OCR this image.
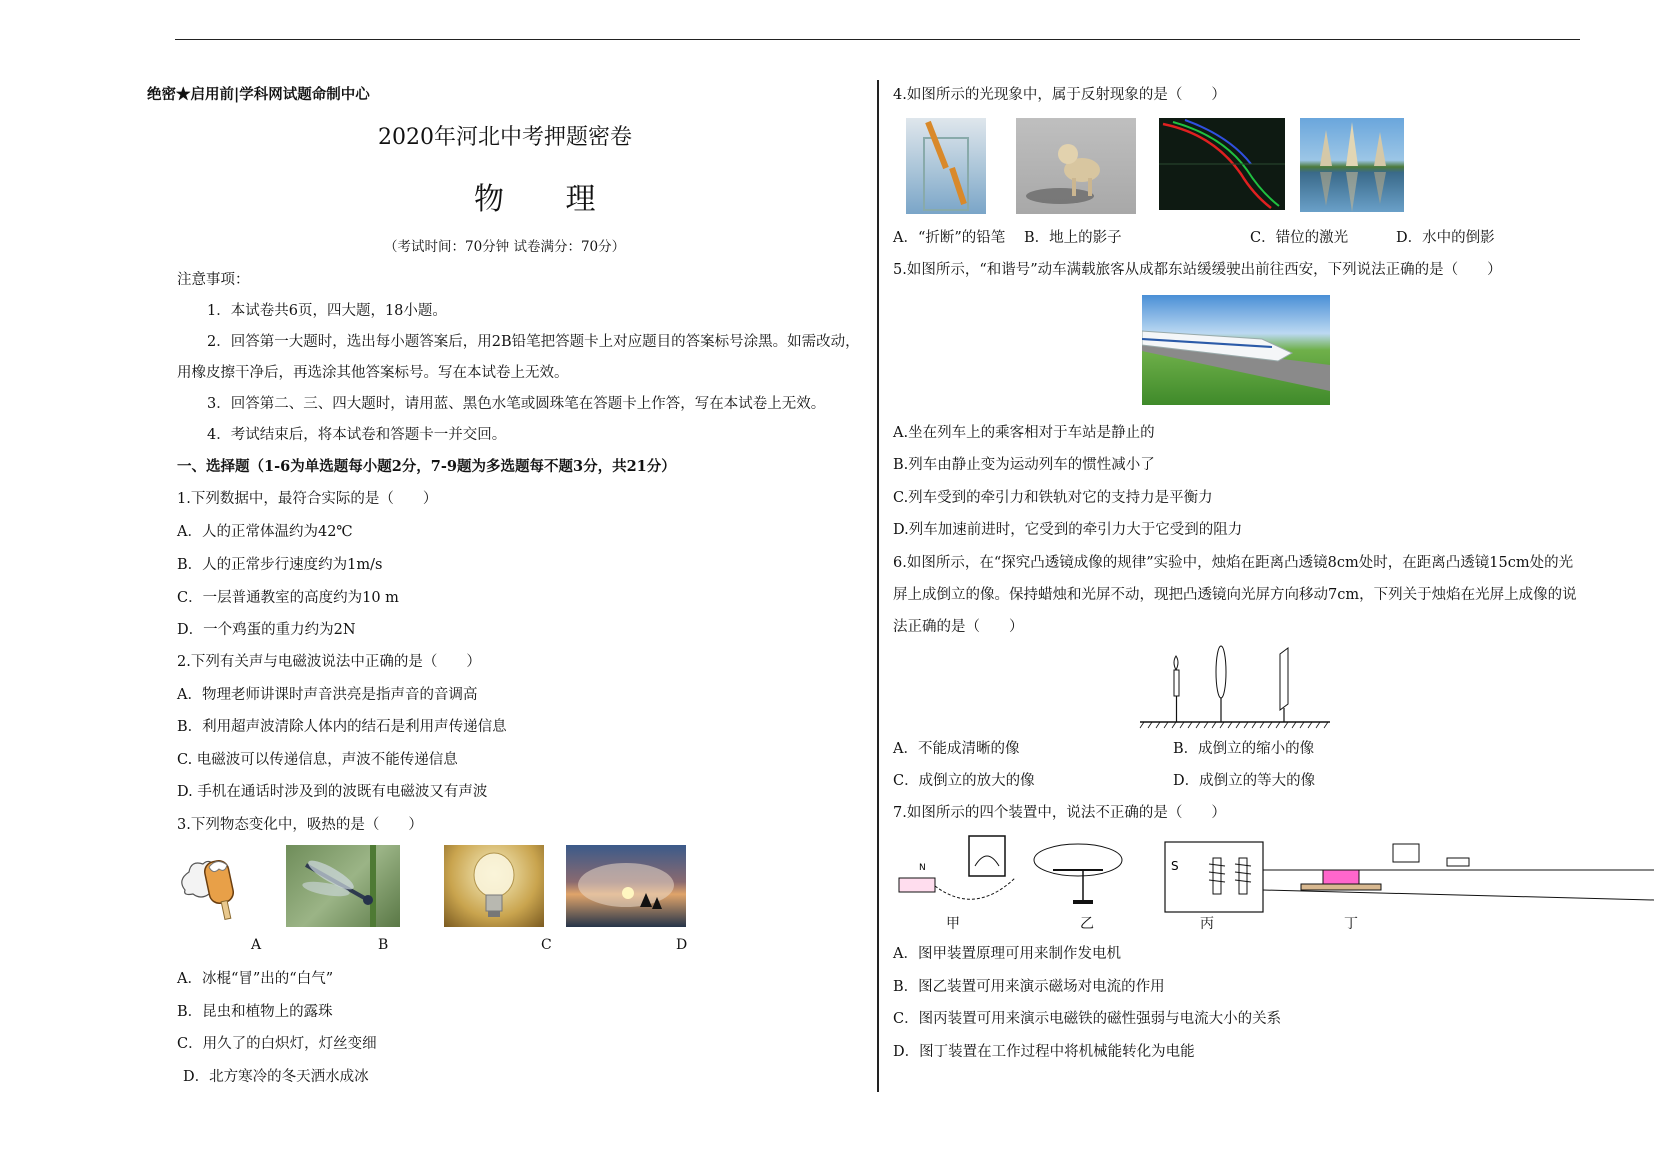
绝密★启用前|学科网试题命制中心
2020年河北中考押题密卷
物 理
（考试时间：70分钟 试卷满分：70分）
注意事项：
1．本试卷共6页，四大题，18小题。
2．回答第一大题时，选出每小题答案后，用2B铅笔把答题卡上对应题目的答案标号涂黑。如需改动，
用橡皮擦干净后，再选涂其他答案标号。写在本试卷上无效。
3．回答第二、三、四大题时，请用蓝、黑色水笔或圆珠笔在答题卡上作答，写在本试卷上无效。
4．考试结束后，将本试卷和答题卡一并交回。
一、选择题（1-6为单选题每小题2分，7-9题为多选题每不题3分，共21分）
1.下列数据中，最符合实际的是（　　）
A．人的正常体温约为42℃
B．人的正常步行速度约为1m/s
C．一层普通教室的高度约为10 m
D．一个鸡蛋的重力约为2N
2.下列有关声与电磁波说法中正确的是（　　）
A．物理老师讲课时声音洪亮是指声音的音调高
B．利用超声波清除人体内的结石是利用声传递信息
C. 电磁波可以传递信息，声波不能传递信息
D. 手机在通话时涉及到的波既有电磁波又有声波
3.下列物态变化中，吸热的是（　　）
A	B	C	D
A．冰棍“冒”出的“白气”
B．昆虫和植物上的露珠
C．用久了的白炽灯，灯丝变细
D．北方寒冷的冬天洒水成冰
4.如图所示的光现象中，属于反射现象的是（　　）
A．“折断”的铅笔 B．地上的影子	C．错位的激光	D．水中的倒影
5.如图所示，“和谐号”动车满载旅客从成都东站缓缓驶出前往西安，下列说法正确的是（　　）
A.坐在列车上的乘客相对于车站是静止的
B.列车由静止变为运动列车的惯性减小了
C.列车受到的牵引力和铁轨对它的支持力是平衡力
D.列车加速前进时，它受到的牵引力大于它受到的阻力
6.如图所示，在“探究凸透镜成像的规律”实验中，烛焰在距离凸透镜8cm处时，在距离凸透镜15cm处的光
屏上成倒立的像。保持蜡烛和光屏不动，现把凸透镜向光屏方向移动7cm，下列关于烛焰在光屏上成像的说
法正确的是（　　）
A．不能成清晰的像	B．成倒立的缩小的像
C．成倒立的放大的像	D．成倒立的等大的像
7.如图所示的四个装置中，说法不正确的是（　　）
N	S
甲	乙	丙	丁
A．图甲装置原理可用来制作发电机
B．图乙装置可用来演示磁场对电流的作用
C．图丙装置可用来演示电磁铁的磁性强弱与电流大小的关系
D．图丁装置在工作过程中将机械能转化为电能
